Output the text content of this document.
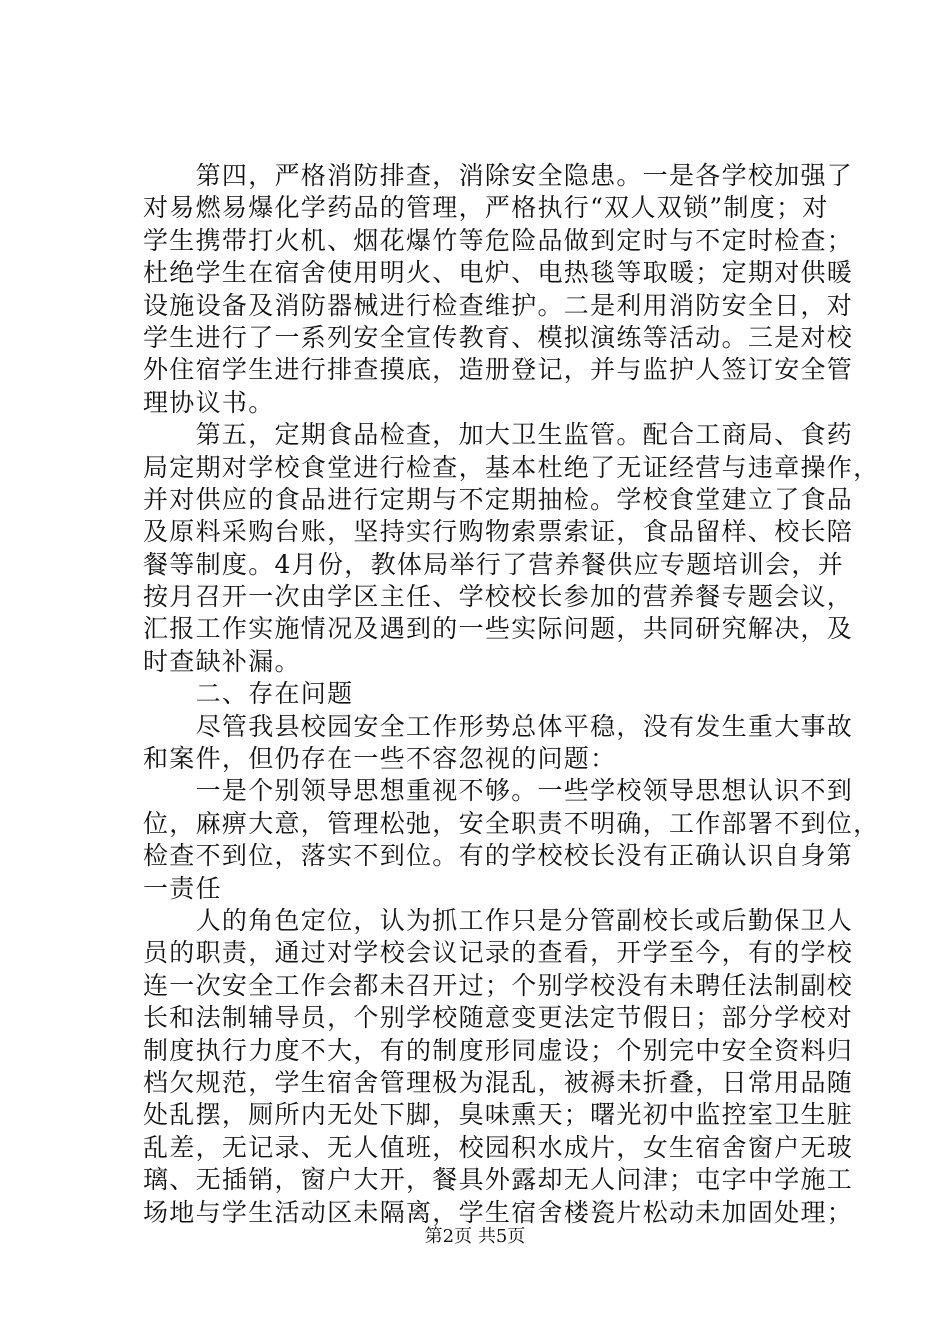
　　第四，严格消防排查，消除安全隐患。一是各学校加强了
对易燃易爆化学药品的管理，严格执行“双人双锁”制度；对
学生携带打火机、烟花爆竹等危险品做到定时与不定时检查；
杜绝学生在宿舍使用明火、电炉、电热毯等取暖；定期对供暖
设施设备及消防器械进行检查维护。二是利用消防安全日，对
学生进行了一系列安全宣传教育、模拟演练等活动。三是对校
外住宿学生进行排查摸底，造册登记，并与监护人签订安全管
理协议书。
　　第五，定期食品检查，加大卫生监管。配合工商局、食药
局定期对学校食堂进行检查，基本杜绝了无证经营与违章操作，
并对供应的食品进行定期与不定期抽检。学校食堂建立了食品
及原料采购台账，坚持实行购物索票索证，食品留样、校长陪
餐等制度。4月份，教体局举行了营养餐供应专题培训会，并
按月召开一次由学区主任、学校校长参加的营养餐专题会议，
汇报工作实施情况及遇到的一些实际问题，共同研究解决，及
时查缺补漏。
　　二、存在问题
　　尽管我县校园安全工作形势总体平稳，没有发生重大事故
和案件，但仍存在一些不容忽视的问题：
　　一是个别领导思想重视不够。一些学校领导思想认识不到
位，麻痹大意，管理松弛，安全职责不明确，工作部署不到位，
检查不到位，落实不到位。有的学校校长没有正确认识自身第
一责任
　　人的角色定位，认为抓工作只是分管副校长或后勤保卫人
员的职责，通过对学校会议记录的查看，开学至今，有的学校
连一次安全工作会都未召开过；个别学校没有未聘任法制副校
长和法制辅导员，个别学校随意变更法定节假日；部分学校对
制度执行力度不大，有的制度形同虚设；个别完中安全资料归
档欠规范，学生宿舍管理极为混乱，被褥未折叠，日常用品随
处乱摆，厕所内无处下脚，臭味熏天；曙光初中监控室卫生脏
乱差，无记录、无人值班，校园积水成片，女生宿舍窗户无玻
璃、无插销，窗户大开，餐具外露却无人问津；屯字中学施工
场地与学生活动区未隔离，学生宿舍楼瓷片松动未加固处理；
第2页 共5页
